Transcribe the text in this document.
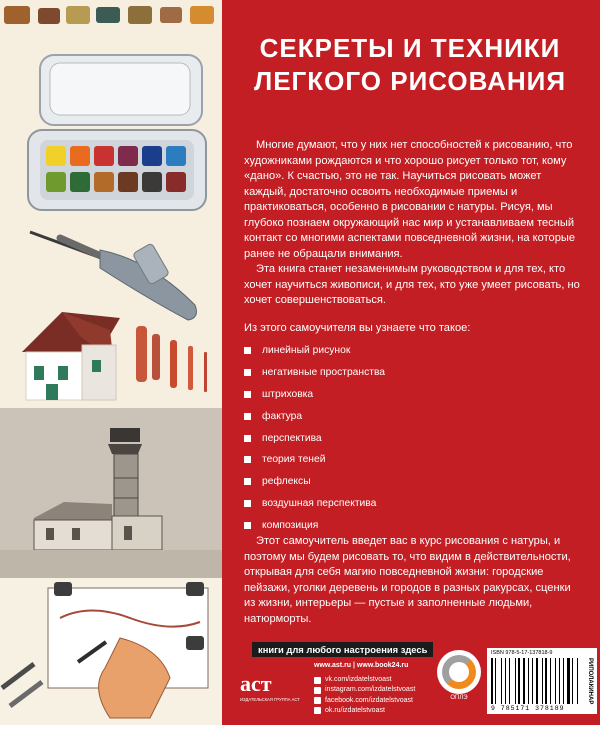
СЕКРЕТЫ И ТЕХНИКИ
ЛЕГКОГО РИСОВАНИЯ

Многие думают, что у них нет способностей к рисованию, что художниками рождаются и что хорошо рисует только тот, кому «дано». К счастью, это не так. Научиться рисовать может каждый, достаточно освоить необходимые приемы и практиковаться, особенно в рисовании с натуры. Рисуя, мы глубоко познаем окружающий нас мир и устанавливаем тесный контакт со многими аспектами повседневной жизни, на которые ранее не обращали внимания.

Эта книга станет незаменимым руководством и для тех, кто хочет научиться живописи, и для тех, кто уже умеет рисовать, но хочет совершенствоваться.

Из этого самоучителя вы узнаете что такое:
линейный рисунок
негативные пространства
штриховка
фактура
перспектива
теория теней
рефлексы
воздушная перспектива
композиция
Этот самоучитель введет вас в курс рисования с натуры, и поэтому мы будем рисовать то, что видим в действительности, открывая для себя магию повседневной жизни: городские пейзажи, уголки деревень и городов в разных ракурсах, сценки из жизни, интерьеры — пустые и заполненные людьми, натюрморты.
книги для любого настроения здесь
аст
ИЗДАТЕЛЬСКАЯ ГРУППА АСТ
www.ast.ru | www.book24.ru
vk.com/izdatelstvoast
instagram.com/izdatelstvoast
facebook.com/izdatelstvoast
ok.ru/izdatelstvoast
ОПЛЭ
ISBN 978-5-17-137818-9
9 785171 378189
РИПОЛАКИНАР
